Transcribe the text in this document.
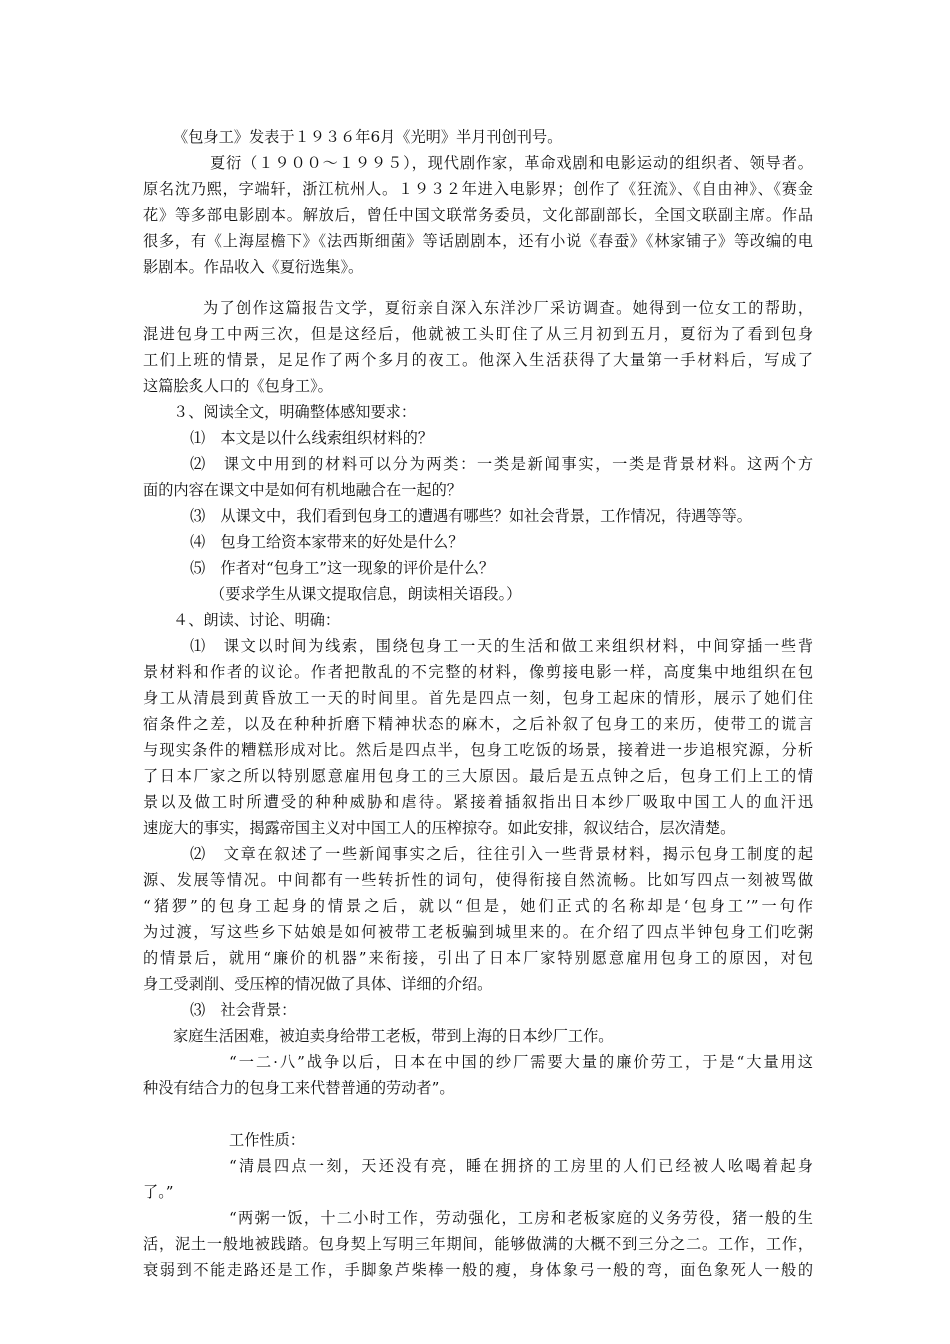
《包身工》发表于１９３６年6月《光明》半月刊创刊号。
夏衍（１９００～１９９５），现代剧作家，革命戏剧和电影运动的组织者、领导者。
原名沈乃熙，字端轩，浙江杭州人。１９３２年进入电影界；创作了《狂流》、《自由神》、《赛金
花》等多部电影剧本。解放后，曾任中国文联常务委员，文化部副部长，全国文联副主席。作品
很多，有《上海屋檐下》《法西斯细菌》等话剧剧本，还有小说《春蚕》《林家铺子》等改编的电
影剧本。作品收入《夏衍选集》。
为了创作这篇报告文学，夏衍亲自深入东洋沙厂采访调查。她得到一位女工的帮助，
混进包身工中两三次，但是这经后，他就被工头盯住了从三月初到五月，夏衍为了看到包身
工们上班的情景，足足作了两个多月的夜工。他深入生活获得了大量第一手材料后，写成了
这篇脍炙人口的《包身工》。
３、阅读全文，明确整体感知要求：
⑴　本文是以什么线索组织材料的？
⑵　课文中用到的材料可以分为两类：一类是新闻事实，一类是背景材料。这两个方
面的内容在课文中是如何有机地融合在一起的？
⑶　从课文中，我们看到包身工的遭遇有哪些？如社会背景，工作情况，待遇等等。
⑷　包身工给资本家带来的好处是什么？
⑸　作者对“包身工”这一现象的评价是什么？
（要求学生从课文提取信息，朗读相关语段。）
４、朗读、讨论、明确：
⑴　课文以时间为线索，围绕包身工一天的生活和做工来组织材料，中间穿插一些背
景材料和作者的议论。作者把散乱的不完整的材料，像剪接电影一样，高度集中地组织在包
身工从清晨到黄昏放工一天的时间里。首先是四点一刻，包身工起床的情形，展示了她们住
宿条件之差，以及在种种折磨下精神状态的麻木，之后补叙了包身工的来历，使带工的谎言
与现实条件的糟糕形成对比。然后是四点半，包身工吃饭的场景，接着进一步追根究源，分析
了日本厂家之所以特别愿意雇用包身工的三大原因。最后是五点钟之后，包身工们上工的情
景以及做工时所遭受的种种威胁和虐待。紧接着插叙指出日本纱厂吸取中国工人的血汗迅
速庞大的事实，揭露帝国主义对中国工人的压榨掠夺。如此安排，叙议结合，层次清楚。
⑵　文章在叙述了一些新闻事实之后，往往引入一些背景材料，揭示包身工制度的起
源、发展等情况。中间都有一些转折性的词句，使得衔接自然流畅。比如写四点一刻被骂做
“猪猡”的包身工起身的情景之后，就以“但是，她们正式的名称却是‘包身工’”一句作
为过渡，写这些乡下姑娘是如何被带工老板骗到城里来的。在介绍了四点半钟包身工们吃粥
的情景后，就用“廉价的机器”来衔接，引出了日本厂家特别愿意雇用包身工的原因，对包
身工受剥削、受压榨的情况做了具体、详细的介绍。
⑶　社会背景：
家庭生活困难，被迫卖身给带工老板，带到上海的日本纱厂工作。
“一二·八”战争以后，日本在中国的纱厂需要大量的廉价劳工，于是“大量用这
种没有结合力的包身工来代替普通的劳动者”。
工作性质：
“清晨四点一刻，天还没有亮，睡在拥挤的工房里的人们已经被人吆喝着起身
了。”
“两粥一饭，十二小时工作，劳动强化，工房和老板家庭的义务劳役，猪一般的生
活，泥土一般地被践踏。包身契上写明三年期间，能够做满的大概不到三分之二。工作，工作，
衰弱到不能走路还是工作，手脚象芦柴棒一般的瘦，身体象弓一般的弯，面色象死人一般的
